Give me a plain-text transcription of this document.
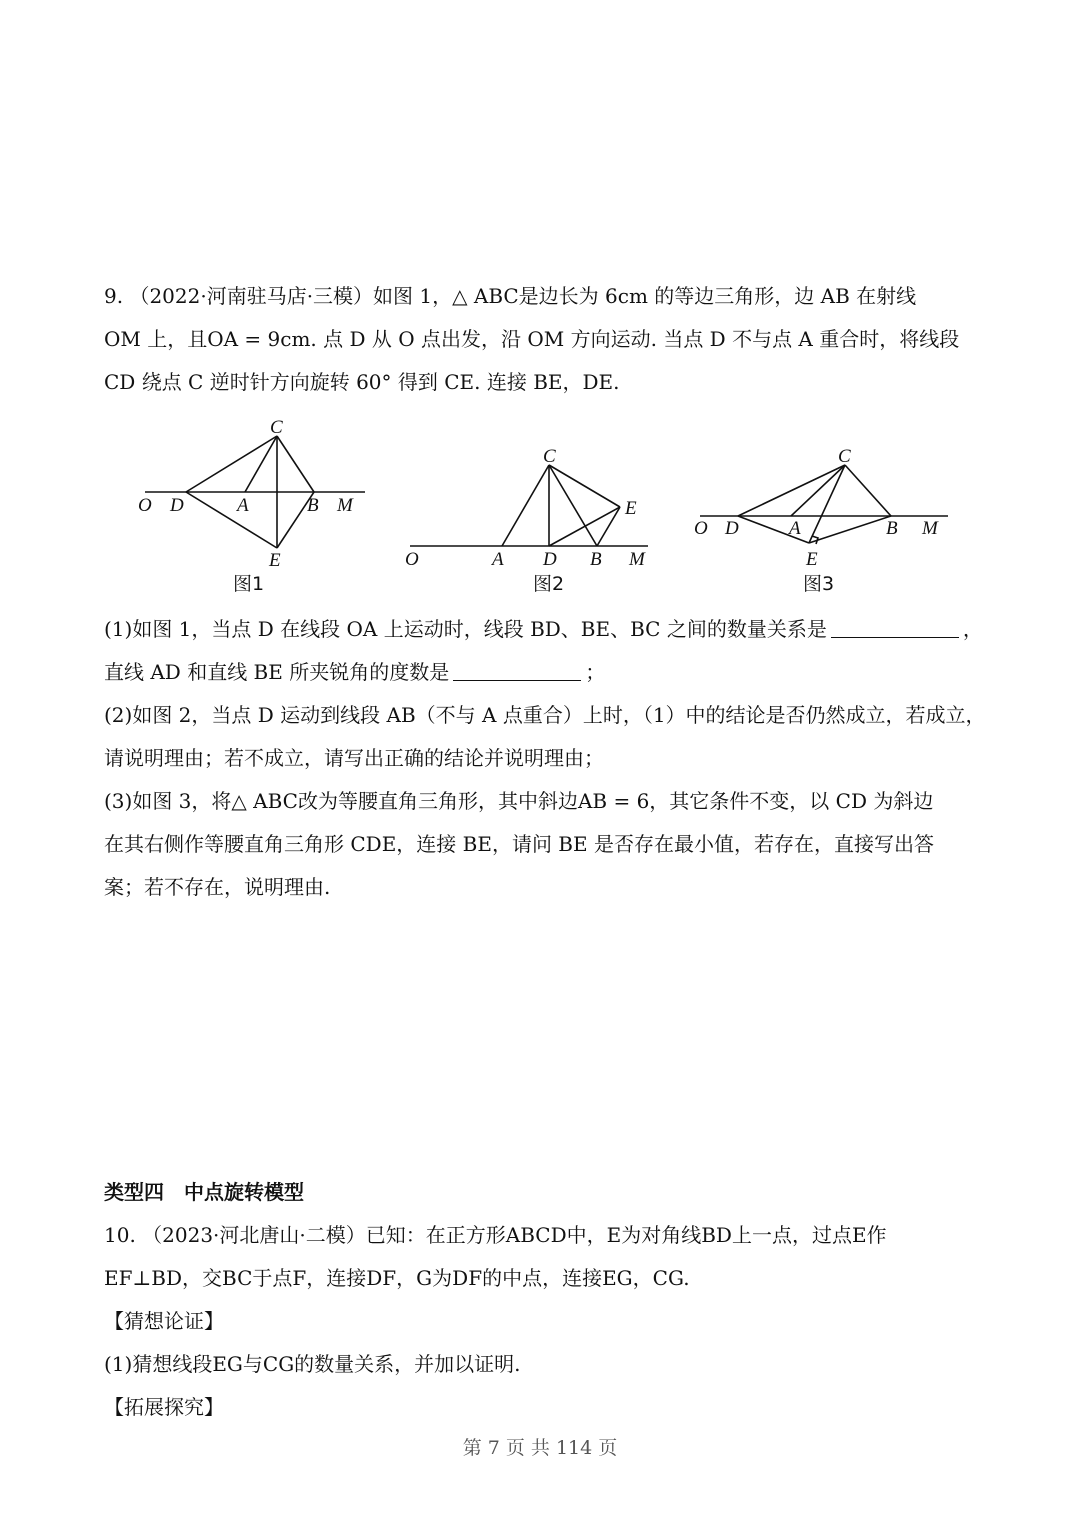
9. （2022·河南驻马店·三模）如图 1，△ ABC是边长为 6cm 的等边三角形，边 AB 在射线
OM 上，且OA = 9cm. 点 D 从 O 点出发，沿 OM 方向运动. 当点 D 不与点 A 重合时，将线段
CD 绕点 C 逆时针方向旋转 60° 得到 CE. 连接 BE，DE.
C
O D	A	B M
E
图1
C
E
O	A D B M
图2
C
O D	A	B M
E
图3
(1)如图 1，当点 D 在线段 OA 上运动时，线段 BD、BE、BC 之间的数量关系是	，
直线 AD 和直线 BE 所夹锐角的度数是	；
(2)如图 2，当点 D 运动到线段 AB（不与 A 点重合）上时，（1）中的结论是否仍然成立，若成立，
请说明理由；若不成立，请写出正确的结论并说明理由；
(3)如图 3，将△ ABC改为等腰直角三角形，其中斜边AB = 6，其它条件不变，以 CD 为斜边
在其右侧作等腰直角三角形 CDE，连接 BE，请问 BE 是否存在最小值，若存在，直接写出答
案；若不存在，说明理由.
类型四　中点旋转模型
10. （2023·河北唐山·二模）已知：在正方形ABCD中，E为对角线BD上一点，过点E作
EF⊥BD，交BC于点F，连接DF，G为DF的中点，连接EG，CG.
【猜想论证】
(1)猜想线段EG与CG的数量关系，并加以证明.
【拓展探究】
第 7 页 共 114 页
